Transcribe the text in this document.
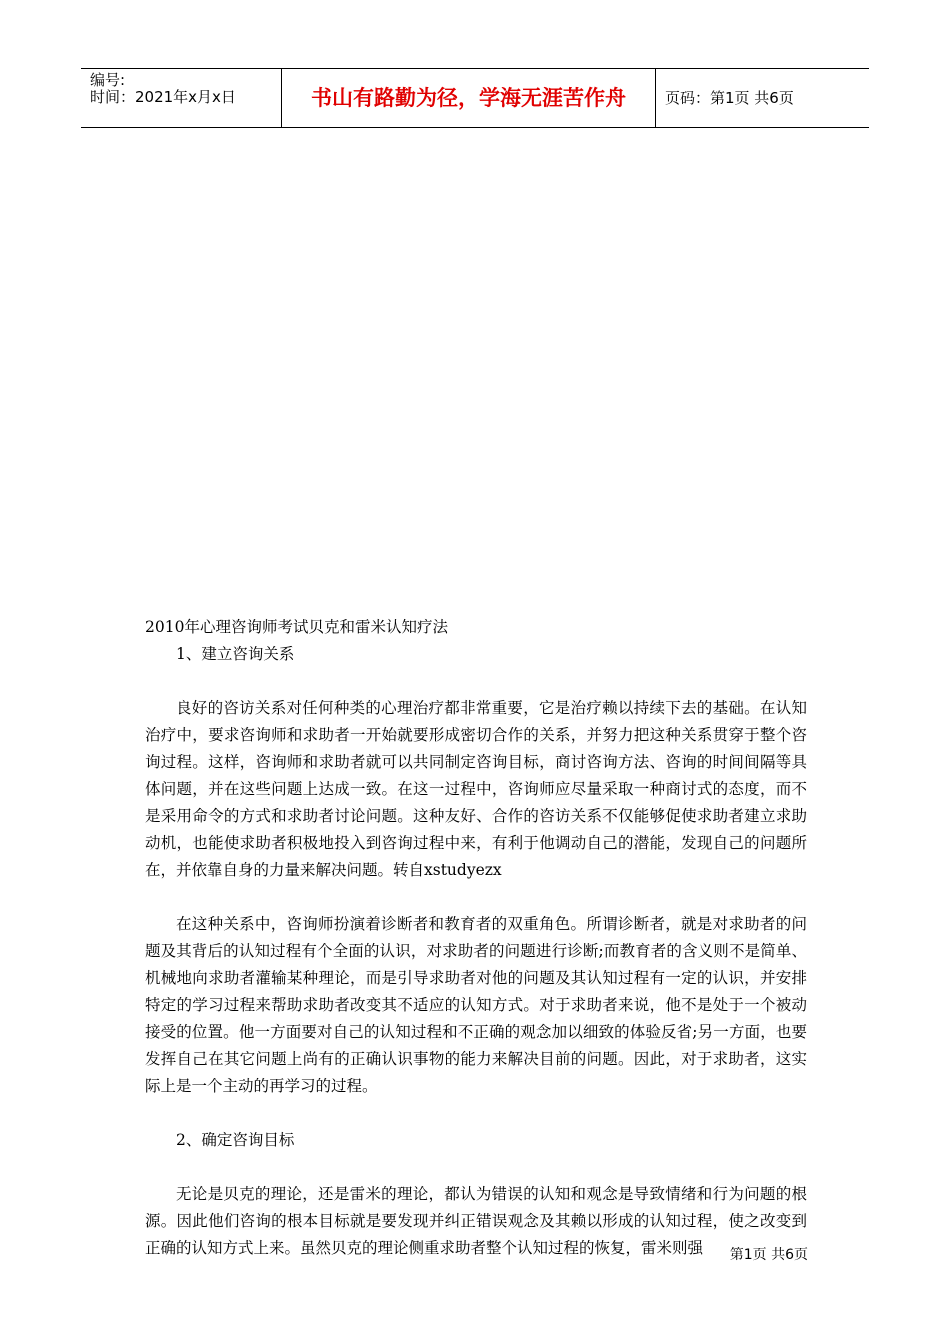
编号:
时间：2021年x月x日	书山有路勤为径，学海无涯苦作舟	页码：第1页 共6页

2010年心理咨询师考试贝克和雷米认知疗法

1、建立咨询关系

良好的咨访关系对任何种类的心理治疗都非常重要，它是治疗赖以持续下去的基础。在认知治疗中，要求咨询师和求助者一开始就要形成密切合作的关系，并努力把这种关系贯穿于整个咨询过程。这样，咨询师和求助者就可以共同制定咨询目标，商讨咨询方法、咨询的时间间隔等具体问题，并在这些问题上达成一致。在这一过程中，咨询师应尽量采取一种商讨式的态度，而不是采用命令的方式和求助者讨论问题。这种友好、合作的咨访关系不仅能够促使求助者建立求助动机，也能使求助者积极地投入到咨询过程中来，有利于他调动自己的潜能，发现自己的问题所在，并依靠自身的力量来解决问题。转自xstudyezx

在这种关系中，咨询师扮演着诊断者和教育者的双重角色。所谓诊断者，就是对求助者的问题及其背后的认知过程有个全面的认识，对求助者的问题进行诊断;而教育者的含义则不是简单、机械地向求助者灌输某种理论，而是引导求助者对他的问题及其认知过程有一定的认识，并安排特定的学习过程来帮助求助者改变其不适应的认知方式。对于求助者来说，他不是处于一个被动接受的位置。他一方面要对自己的认知过程和不正确的观念加以细致的体验反省;另一方面，也要发挥自己在其它问题上尚有的正确认识事物的能力来解决目前的问题。因此，对于求助者，这实际上是一个主动的再学习的过程。

2、确定咨询目标

无论是贝克的理论，还是雷米的理论，都认为错误的认知和观念是导致情绪和行为问题的根源。因此他们咨询的根本目标就是要发现并纠正错误观念及其赖以形成的认知过程，使之改变到正确的认知方式上来。虽然贝克的理论侧重求助者整个认知过程的恢复，雷米则强	第1页 共6页
